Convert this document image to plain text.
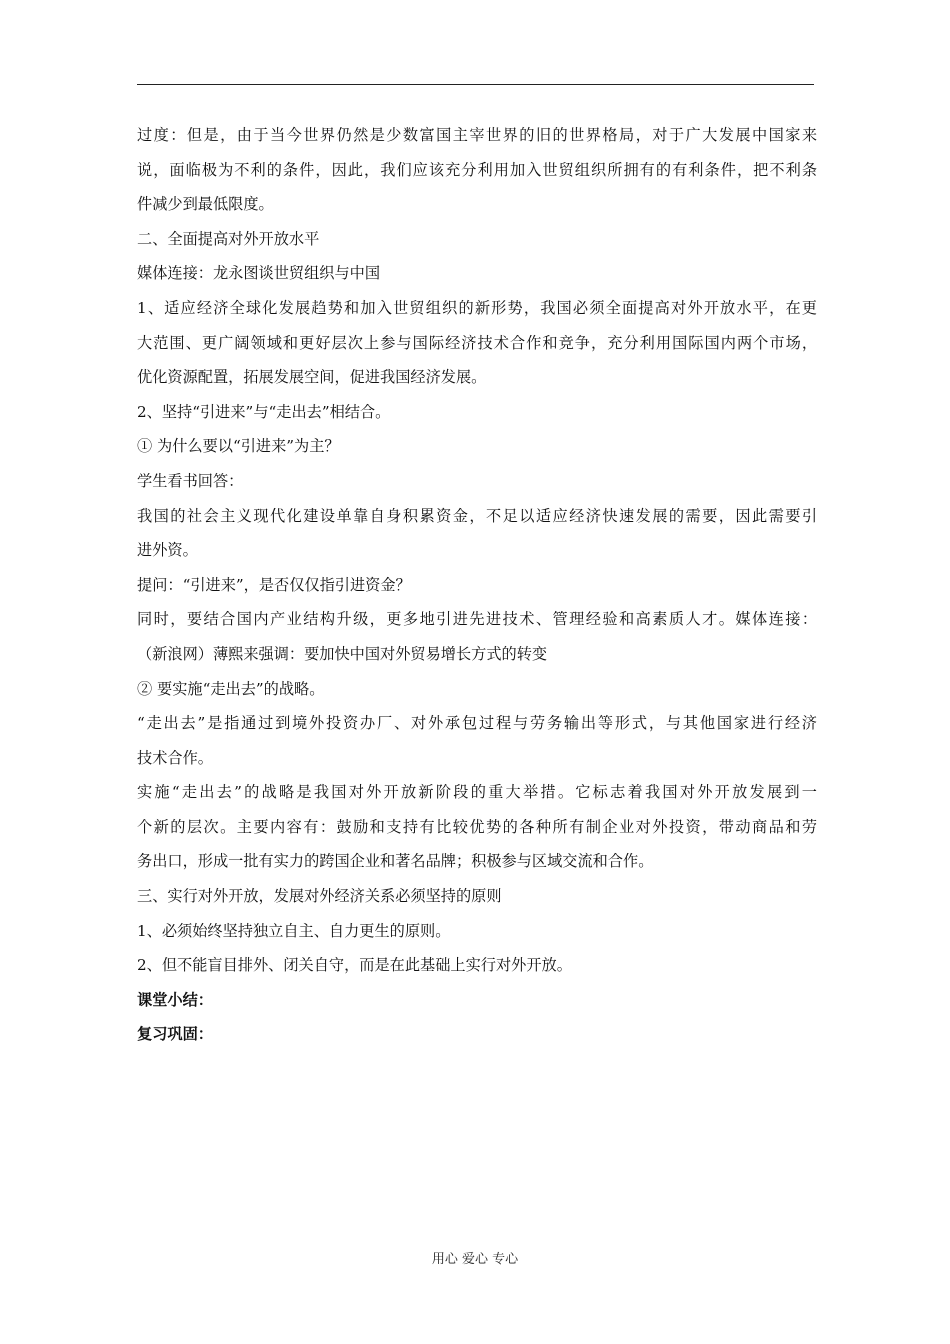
过度：但是，由于当今世界仍然是少数富国主宰世界的旧的世界格局，对于广大发展中国家来
说，面临极为不利的条件，因此，我们应该充分利用加入世贸组织所拥有的有利条件，把不利条
件减少到最低限度。
二、全面提高对外开放水平
媒体连接：龙永图谈世贸组织与中国
1、适应经济全球化发展趋势和加入世贸组织的新形势，我国必须全面提高对外开放水平，在更
大范围、更广阔领域和更好层次上参与国际经济技术合作和竞争，充分利用国际国内两个市场，
优化资源配置，拓展发展空间，促进我国经济发展。
2、坚持“引进来”与“走出去”相结合。
① 为什么要以“引进来”为主？
学生看书回答：
我国的社会主义现代化建设单靠自身积累资金，不足以适应经济快速发展的需要，因此需要引
进外资。
提问：“引进来”，是否仅仅指引进资金？
同时，要结合国内产业结构升级，更多地引进先进技术、管理经验和高素质人才。媒体连接：
（新浪网）薄熙来强调：要加快中国对外贸易增长方式的转变
② 要实施“走出去”的战略。
“走出去”是指通过到境外投资办厂、对外承包过程与劳务输出等形式，与其他国家进行经济
技术合作。
实施“走出去”的战略是我国对外开放新阶段的重大举措。它标志着我国对外开放发展到一
个新的层次。主要内容有：鼓励和支持有比较优势的各种所有制企业对外投资，带动商品和劳
务出口，形成一批有实力的跨国企业和著名品牌；积极参与区域交流和合作。
三、实行对外开放，发展对外经济关系必须坚持的原则
1、必须始终坚持独立自主、自力更生的原则。
2、但不能盲目排外、闭关自守，而是在此基础上实行对外开放。
课堂小结：
复习巩固：
用心 爱心 专心
